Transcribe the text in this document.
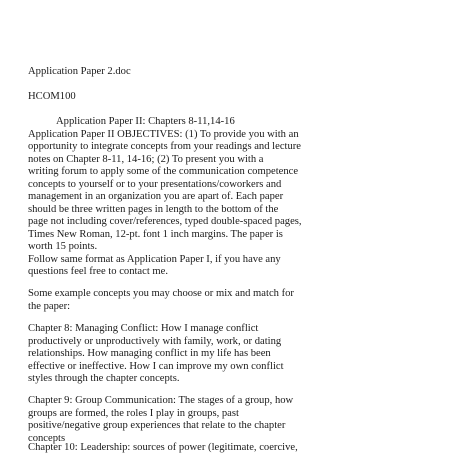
Application Paper 2.doc
HCOM100
Application Paper II: Chapters 8-11,14-16
Application Paper II OBJECTIVES: (1) To provide you with an
opportunity to integrate concepts from your readings and lecture
notes on Chapter 8-11, 14-16; (2) To present you with a
writing forum to apply some of the communication competence
concepts to yourself or to your presentations/coworkers and
management in an organization you are apart of. Each paper
should be three written pages in length to the bottom of the
page not including cover/references, typed double-spaced pages,
Times New Roman, 12-pt. font 1 inch margins. The paper is
worth 15 points.
Follow same format as Application Paper I, if you have any
questions feel free to contact me.
Some example concepts you may choose or mix and match for
the paper:
Chapter 8: Managing Conflict: How I manage conflict
productively or unproductively with family, work, or dating
relationships. How managing conflict in my life has been
effective or ineffective. How I can improve my own conflict
styles through the chapter concepts.
Chapter 9: Group Communication: The stages of a group, how
groups are formed, the roles I play in groups, past
positive/negative group experiences that relate to the chapter
concepts
Chapter 10: Leadership: sources of power (legitimate, coercive,
